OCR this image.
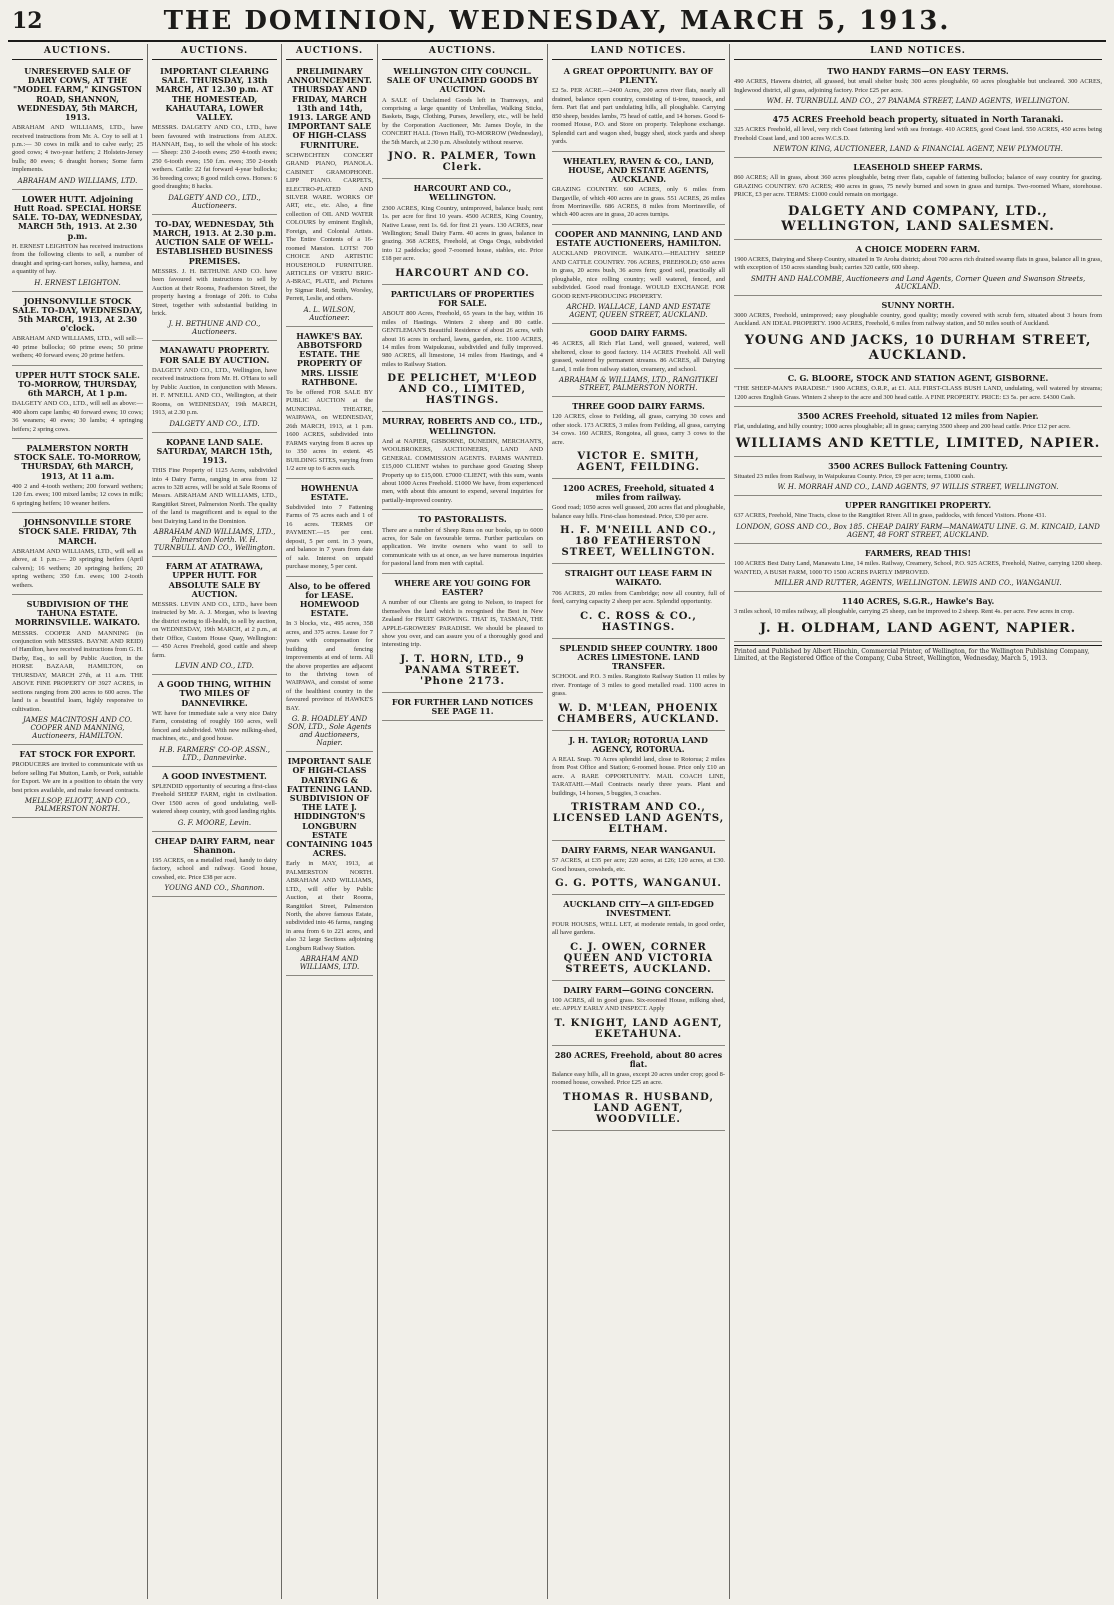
12	THE DOMINION, WEDNESDAY, MARCH 5, 1913.
AUCTIONS.
UNRESERVED SALE OF DAIRY COWS, AT THE "MODEL FARM," KINGSTON ROAD, SHANNON, WEDNESDAY, 5th MARCH, 1913.
ABRAHAM AND WILLIAMS, LTD., have received instructions from Mr. A. Coy to sell at 1 p.m.:— 30 cows in milk and to calve early; 25 good cows; 4 two-year heifers; 2 Holstein-Jersey bulls; 80 ewes; 6 draught horses; Some farm implements.
ABRAHAM AND WILLIAMS, LTD.
LOWER HUTT. Adjoining Hutt Road. SPECIAL HORSE SALE. TO-DAY, WEDNESDAY, MARCH 5th, 1913. At 2.30 p.m.
H. ERNEST LEIGHTON has received instructions from the following clients to sell, a number of draught and spring-cart horses, sulky, harness, and a quantity of hay.
H. ERNEST LEIGHTON.
JOHNSONVILLE STOCK SALE. TO-DAY, WEDNESDAY, 5th MARCH, 1913, At 2.30 o'clock.
ABRAHAM AND WILLIAMS, LTD., will sell:— 40 prime bullocks; 60 prime ewes; 50 prime wethers; 40 forward ewes; 20 prime heifers.
UPPER HUTT STOCK SALE. TO-MORROW, THURSDAY, 6th MARCH, At 1 p.m.
DALGETY AND CO., LTD., will sell as above:— 400 ahorn cape lambs; 40 forward ewes; 10 cows; 36 weaners; 40 ewes; 30 lambs; 4 springing heifers; 2 spring cows.
PALMERSTON NORTH STOCK SALE. TO-MORROW, THURSDAY, 6th MARCH, 1913, At 11 a.m.
400 2 and 4-tooth wethers; 200 forward wethers; 120 f.m. ewes; 100 mixed lambs; 12 cows in milk; 6 springing heifers; 10 weaner heifers.
JOHNSONVILLE STORE STOCK SALE. FRIDAY, 7th MARCH.
ABRAHAM AND WILLIAMS, LTD., will sell as above, at 1 p.m.:— 20 springing heifers (April calvers); 16 wethers; 20 springing heifers; 20 spring wethers; 350 f.m. ewes; 100 2-tooth wethers.
SUBDIVISION OF THE TAHUNA ESTATE. MORRINSVILLE. WAIKATO.
MESSRS. COOPER AND MANNING (in conjunction with MESSRS. BAYNE AND REID) of Hamilton, have received instructions from G. H. Darby, Esq., to sell by Public Auction, in the HORSE BAZAAR, HAMILTON, on THURSDAY, MARCH 27th, at 11 a.m. THE ABOVE FINE PROPERTY OF 3927 ACRES, in sections ranging from 200 acres to 600 acres. The land is a beautiful loam, highly responsive to cultivation.
JAMES MACINTOSH AND CO. COOPER AND MANNING, Auctioneers, HAMILTON.
FAT STOCK FOR EXPORT.
PRODUCERS are invited to communicate with us before selling Fat Mutton, Lamb, or Pork, suitable for Export. We are in a position to obtain the very best prices available, and make forward contracts.
MELLSOP, ELIOTT, AND CO., PALMERSTON NORTH.
AUCTIONS.
IMPORTANT CLEARING SALE. THURSDAY, 13th MARCH, AT 12.30 p.m. AT THE HOMESTEAD, KAHAUTARA, LOWER VALLEY.
MESSRS. DALGETY AND CO., LTD., have been favoured with instructions from ALEX. HANNAH, Esq., to sell the whole of his stock:— Sheep: 230 2-tooth ewes; 250 4-tooth ewes; 250 6-tooth ewes; 150 f.m. ewes; 350 2-tooth wethers. Cattle: 22 fat forward 4-year bullocks; 36 breeding cows; 8 good milch cows. Horses: 6 good draughts; 8 hacks.
DALGETY AND CO., LTD., Auctioneers.
TO-DAY, WEDNESDAY, 5th MARCH, 1913. At 2.30 p.m. AUCTION SALE OF WELL-ESTABLISHED BUSINESS PREMISES.
MESSRS. J. H. BETHUNE AND CO. have been favoured with instructions to sell by Auction at their Rooms, Featherston Street, the property having a frontage of 20ft. to Cuba Street, together with substantial building in brick.
J. H. BETHUNE AND CO., Auctioneers.
MANAWATU PROPERTY. FOR SALE BY AUCTION.
DALGETY AND CO., LTD., Wellington, have received instructions from Mr. H. O'Hara to sell by Public Auction, in conjunction with Messrs. H. F. M'NEILL AND CO., Wellington, at their Rooms, on WEDNESDAY, 19th MARCH, 1913, at 2.30 p.m.
DALGETY AND CO., LTD.
KOPANE LAND SALE. SATURDAY, MARCH 15th, 1913.
THIS Fine Property of 1125 Acres, subdivided into 4 Dairy Farms, ranging in area from 12 acres to 328 acres, will be sold at Sale Rooms of Messrs. ABRAHAM AND WILLIAMS, LTD., Rangitikei Street, Palmerston North. The quality of the land is magnificent and is equal to the best Dairying Land in the Dominion.
ABRAHAM AND WILLIAMS, LTD., Palmerston North. W. H. TURNBULL AND CO., Wellington.
FARM AT ATATRAWA, UPPER HUTT. FOR ABSOLUTE SALE BY AUCTION.
MESSRS. LEVIN AND CO., LTD., have been instructed by Mr. A. J. Morgan, who is leaving the district owing to ill-health, to sell by auction, on WEDNESDAY, 19th MARCH, at 2 p.m., at their Office, Custom House Quay, Wellington:— 450 Acres Freehold, good cattle and sheep farm.
LEVIN AND CO., LTD.
A GOOD THING, WITHIN TWO MILES OF DANNEVIRKE.
WE have for immediate sale a very nice Dairy Farm, consisting of roughly 160 acres, well fenced and subdivided. With new milking-shed, machines, etc., and good house.
H.B. FARMERS' CO-OP. ASSN., LTD., Dannevirke.
A GOOD INVESTMENT.
SPLENDID opportunity of securing a first-class Freehold SHEEP FARM, right in civilisation. Over 1500 acres of good undulating, well-watered sheep country, with good landing rights.
G. F. MOORE, Levin.
CHEAP DAIRY FARM, near Shannon.
195 ACRES, on a metalled road, handy to dairy factory, school and railway. Good house, cowshed, etc. Price £38 per acre.
YOUNG AND CO., Shannon.
AUCTIONS.
PRELIMINARY ANNOUNCEMENT. THURSDAY AND FRIDAY, MARCH 13th and 14th, 1913. LARGE AND IMPORTANT SALE OF HIGH-CLASS FURNITURE.
SCHWECHTEN CONCERT GRAND PIANO, PIANOLA. CABINET GRAMOPHONE. LIPP PIANO. CARPETS, ELECTRO-PLATED AND SILVER WARE. WORKS OF ART, etc., etc. Also, a fine collection of OIL AND WATER COLOURS by eminent English, Foreign, and Colonial Artists. The Entire Contents of a 16-roomed Mansion. LOTS! 700 CHOICE AND ARTISTIC HOUSEHOLD FURNITURE. ARTICLES OF VERTU BRIC-A-BRAC, PLATE, and Pictures by Sigmar Reid, Smith, Worsley, Perrett, Leslie, and others.
A. L. WILSON, Auctioneer.
HAWKE'S BAY. ABBOTSFORD ESTATE. THE PROPERTY OF MRS. LISSIE RATHBONE.
To be offered FOR SALE BY PUBLIC AUCTION at the MUNICIPAL THEATRE, WAIPAWA, on WEDNESDAY, 26th MARCH, 1913, at 1 p.m. 1600 ACRES, subdivided into FARMS varying from 8 acres up to 350 acres in extent. 45 BUILDING SITES, varying from 1/2 acre up to 6 acres each.
HOWHENUA ESTATE.
Subdivided into 7 Fattening Farms of 75 acres each and 1 of 16 acres. TERMS OF PAYMENT.—15 per cent. deposit, 5 per cent. in 3 years, and balance in 7 years from date of sale. Interest on unpaid purchase money, 5 per cent.
Also, to be offered for LEASE. HOMEWOOD ESTATE.
In 3 blocks, viz., 495 acres, 358 acres, and 375 acres. Lease for 7 years with compensation for building and fencing improvements at end of term. All the above properties are adjacent to the thriving town of WAIPAWA, and consist of some of the healthiest country in the favoured province of HAWKE'S BAY.
G. B. HOADLEY AND SON, LTD., Sole Agents and Auctioneers, Napier.
IMPORTANT SALE OF HIGH-CLASS DAIRYING & FATTENING LAND. SUBDIVISION OF THE LATE J. HIDDINGTON'S LONGBURN ESTATE CONTAINING 1045 ACRES.
Early in MAY, 1913, at PALMERSTON NORTH. ABRAHAM AND WILLIAMS, LTD., will offer by Public Auction, at their Rooms, Rangitikei Street, Palmerston North, the above famous Estate, subdivided into 46 farms, ranging in area from 6 to 221 acres, and also 32 large Sections adjoining Longburn Railway Station.
ABRAHAM AND WILLIAMS, LTD.
AUCTIONS.
WELLINGTON CITY COUNCIL. SALE OF UNCLAIMED GOODS BY AUCTION.
A SALE of Unclaimed Goods left in Tramways, and comprising a large quantity of Umbrellas, Walking Sticks, Baskets, Bags, Clothing, Purses, Jewellery, etc., will be held by the Corporation Auctioneer, Mr. James Doyle, in the CONCERT HALL (Town Hall), TO-MORROW (Wednesday), the 5th March, at 2.30 p.m. Absolutely without reserve.
JNO. R. PALMER, Town Clerk.
HARCOURT AND CO., WELLINGTON.
2300 ACRES, King Country, unimproved, balance bush; rent 1s. per acre for first 10 years. 4500 ACRES, King Country, Native Lease, rent 1s. 6d. for first 21 years. 130 ACRES, near Wellington; Small Dairy Farm. 40 acres in grass, balance in grazing. 368 ACRES, Freehold, at Onga Onga, subdivided into 12 paddocks; good 7-roomed house, stables, etc. Price £18 per acre.
HARCOURT AND CO.
PARTICULARS OF PROPERTIES FOR SALE.
ABOUT 800 Acres, Freehold, 65 years in the bay, within 16 miles of Hastings. Winters 2 sheep and 80 cattle. GENTLEMAN'S Beautiful Residence of about 26 acres, with about 16 acres in orchard, lawns, garden, etc. 1100 ACRES, 14 miles from Waipukurau, subdivided and fully improved. 980 ACRES, all limestone, 14 miles from Hastings, and 4 miles to Railway Station.
DE PELICHET, M'LEOD AND CO., LIMITED, HASTINGS.
MURRAY, ROBERTS AND CO., LTD., WELLINGTON.
And at NAPIER, GISBORNE, DUNEDIN, MERCHANTS, WOOLBROKERS, AUCTIONEERS, LAND AND GENERAL COMMISSION AGENTS. FARMS WANTED. £15,000 CLIENT wishes to purchase good Grazing Sheep Property up to £15,000. £7000 CLIENT, with this sum, wants about 1000 Acres Freehold. £1000 We have, from experienced men, with about this amount to expend, several inquiries for partially-improved country.
TO PASTORALISTS.
There are a number of Sheep Runs on our books, up to 6000 acres, for Sale on favourable terms. Further particulars on application. We invite owners who want to sell to communicate with us at once, as we have numerous inquiries for pastoral land from men with capital.
WHERE ARE YOU GOING FOR EASTER?
A number of our Clients are going to Nelson, to inspect for themselves the land which is recognised the Best in New Zealand for FRUIT GROWING. THAT IS, TASMAN, THE APPLE-GROWERS' PARADISE. We should be pleased to show you over, and can assure you of a thoroughly good and interesting trip.
J. T. HORN, LTD., 9 PANAMA STREET. 'Phone 2173.
FOR FURTHER LAND NOTICES SEE PAGE 11.
LAND NOTICES.
A GREAT OPPORTUNITY. BAY OF PLENTY.
£2 5s. PER ACRE.—2400 Acres, 200 acres river flats, nearly all drained, balance open country, consisting of ti-tree, tussock, and fern. Part flat and part undulating hills, all ploughable. Carrying 850 sheep, besides lambs, 75 head of cattle, and 14 horses. Good 6-roomed House, P.O. and Store on property. Telephone exchange. Splendid cart and wagon shed, buggy shed, stock yards and sheep yards.
WHEATLEY, RAVEN & CO., LAND, HOUSE, AND ESTATE AGENTS, AUCKLAND.
GRAZING COUNTRY. 600 ACRES, only 6 miles from Dargaville, of which 400 acres are in grass. 551 ACRES, 26 miles from Morrinsville. 686 ACRES, 8 miles from Morrinsville, of which 400 acres are in grass, 20 acres turnips.
COOPER AND MANNING, LAND AND ESTATE AUCTIONEERS, HAMILTON.
AUCKLAND PROVINCE. WAIKATO.—HEALTHY SHEEP AND CATTLE COUNTRY. 706 ACRES, FREEHOLD; 650 acres in grass, 20 acres bush, 36 acres fern; good soil, practically all ploughable, nice rolling country; well watered, fenced, and subdivided. Good road frontage. WOULD EXCHANGE FOR GOOD RENT-PRODUCING PROPERTY.
ARCHD. WALLACE, LAND AND ESTATE AGENT, QUEEN STREET, AUCKLAND.
GOOD DAIRY FARMS.
46 ACRES, all Rich Flat Land, well grassed, watered, well sheltered, close to good factory. 114 ACRES Freehold. All well grassed, watered by permanent streams. 86 ACRES, all Dairying Land, 1 mile from railway station, creamery, and school.
ABRAHAM & WILLIAMS, LTD., RANGITIKEI STREET, PALMERSTON NORTH.
THREE GOOD DAIRY FARMS.
120 ACRES, close to Feilding, all grass, carrying 30 cows and other stock. 173 ACRES, 3 miles from Feilding, all grass, carrying 34 cows. 160 ACRES, Rongotea, all grass, carry 3 cows to the acre.
VICTOR E. SMITH, AGENT, FEILDING.
1200 ACRES, Freehold, situated 4 miles from railway.
Good road; 1050 acres well grassed, 200 acres flat and ploughable, balance easy hills. First-class homestead. Price, £30 per acre.
H. F. M'NEILL AND CO., 180 FEATHERSTON STREET, WELLINGTON.
STRAIGHT OUT LEASE FARM IN WAIKATO.
706 ACRES, 20 miles from Cambridge; now all country, full of feed, carrying capacity 2 sheep per acre. Splendid opportunity.
C. C. ROSS & CO., HASTINGS.
SPLENDID SHEEP COUNTRY. 1800 ACRES LIMESTONE. LAND TRANSFER.
SCHOOL and P.O. 3 miles. Rangitoto Railway Station 11 miles by river. Frontage of 3 miles to good metalled road. 1100 acres in grass.
W. D. M'LEAN, PHOENIX CHAMBERS, AUCKLAND.
J. H. TAYLOR; ROTORUA LAND AGENCY, ROTORUA.
A REAL Snap. 70 Acres splendid land, close to Rotorua; 2 miles from Post Office and Station; 6-roomed house. Price only £10 an acre. A RARE OPPORTUNITY. MAIL COACH LINE, TARATAHI.—Mail Contracts nearly three years. Plant and buildings, 14 horses, 5 buggies, 3 coaches.
TRISTRAM AND CO., LICENSED LAND AGENTS, ELTHAM.
DAIRY FARMS, NEAR WANGANUI.
57 ACRES, at £35 per acre; 220 acres, at £26; 120 acres, at £30. Good houses, cowsheds, etc.
G. G. POTTS, WANGANUI.
AUCKLAND CITY—A GILT-EDGED INVESTMENT.
FOUR HOUSES, WELL LET, at moderate rentals, in good order, all have gardens.
C. J. OWEN, CORNER QUEEN AND VICTORIA STREETS, AUCKLAND.
DAIRY FARM—GOING CONCERN.
100 ACRES, all in good grass. Six-roomed House, milking shed, etc. APPLY EARLY AND INSPECT. Apply
T. KNIGHT, LAND AGENT, EKETAHUNA.
280 ACRES, Freehold, about 80 acres flat.
Balance easy hills, all in grass, except 20 acres under crop; good 8-roomed house, cowshed. Price £25 an acre.
THOMAS R. HUSBAND, LAND AGENT, WOODVILLE.
LAND NOTICES.
TWO HANDY FARMS—ON EASY TERMS.
490 ACRES, Hawera district, all grassed, but small shelter bush; 300 acres ploughable, 60 acres ploughable but uncleared. 300 ACRES, Inglewood district, all grass, adjoining factory. Price £25 per acre.
WM. H. TURNBULL AND CO., 27 PANAMA STREET, LAND AGENTS, WELLINGTON.
475 ACRES Freehold beach property, situated in North Taranaki.
325 ACRES Freehold, all level, very rich Coast fattening land with sea frontage. 410 ACRES, good Coast land. 550 ACRES, 450 acres being Freehold Coast land, and 100 acres W.C.S.D.
NEWTON KING, AUCTIONEER, LAND & FINANCIAL AGENT, NEW PLYMOUTH.
LEASEHOLD SHEEP FARMS.
860 ACRES; All in grass, about 360 acres ploughable, being river flats, capable of fattening bullocks; balance of easy country for grazing. GRAZING COUNTRY. 670 ACRES; 490 acres in grass, 75 newly burned and sown in grass and turnips. Two-roomed Whare, storehouse. PRICE, £3 per acre. TERMS: £1000 could remain on mortgage.
DALGETY AND COMPANY, LTD., WELLINGTON, LAND SALESMEN.
A CHOICE MODERN FARM.
1900 ACRES, Dairying and Sheep Country, situated in Te Aroha district; about 700 acres rich drained swamp flats in grass, balance all in grass, with exception of 150 acres standing bush; carries 320 cattle, 600 sheep.
SMITH AND HALCOMBE, Auctioneers and Land Agents, Corner Queen and Swanson Streets, AUCKLAND.
SUNNY NORTH.
3000 ACRES, Freehold, unimproved; easy ploughable country, good quality; mostly covered with scrub fern, situated about 3 hours from Auckland. AN IDEAL PROPERTY. 1900 ACRES, Freehold, 6 miles from railway station, and 50 miles south of Auckland.
YOUNG AND JACKS, 10 DURHAM STREET, AUCKLAND.
C. G. BLOORE, STOCK AND STATION AGENT, GISBORNE.
"THE SHEEP-MAN'S PARADISE." 1900 ACRES, O.R.P., at £1. ALL FIRST-CLASS BUSH LAND, undulating, well watered by streams; 1200 acres English Grass. Winters 2 sheep to the acre and 300 head cattle. A FINE PROPERTY. PRICE: £3 5s. per acre. £4300 Cash.
3500 ACRES Freehold, situated 12 miles from Napier.
Flat, undulating, and hilly country; 1000 acres ploughable; all in grass; carrying 3500 sheep and 200 head cattle. Price £12 per acre.
WILLIAMS AND KETTLE, LIMITED, NAPIER.
3500 ACRES Bullock Fattening Country.
Situated 23 miles from Railway, in Waipukurau County. Price, £9 per acre; terms, £1000 cash.
W. H. MORRAH AND CO., LAND AGENTS, 97 WILLIS STREET, WELLINGTON.
UPPER RANGITIKEI PROPERTY.
637 ACRES, Freehold, Nine Tracts, close to the Rangitikei River. All in grass, paddocks, with fenced Visitors. Phone 431.
LONDON, GOSS AND CO., Box 185. CHEAP DAIRY FARM—MANAWATU LINE. G. M. KINCAID, LAND AGENT, 48 FORT STREET, AUCKLAND.
FARMERS, READ THIS!
100 ACRES Best Dairy Land, Manawatu Line, 14 miles. Railway, Creamery, School, P.O. 925 ACRES, Freehold, Native, carrying 1200 sheep. WANTED, A BUSH FARM, 1000 TO 1500 ACRES PARTLY IMPROVED.
MILLER AND RUTTER, AGENTS, WELLINGTON. LEWIS AND CO., WANGANUI.
1140 ACRES, S.G.R., Hawke's Bay.
3 miles school, 10 miles railway, all ploughable, carrying 25 sheep, can be improved to 2 sheep. Rent 4s. per acre. Few acres in crop.
J. H. OLDHAM, LAND AGENT, NAPIER.
Printed and Published by Albert Hinchin, Commercial Printer, of Wellington, for the Wellington Publishing Company, Limited, at the Registered Office of the Company, Cuba Street, Wellington, Wednesday, March 5, 1913.
